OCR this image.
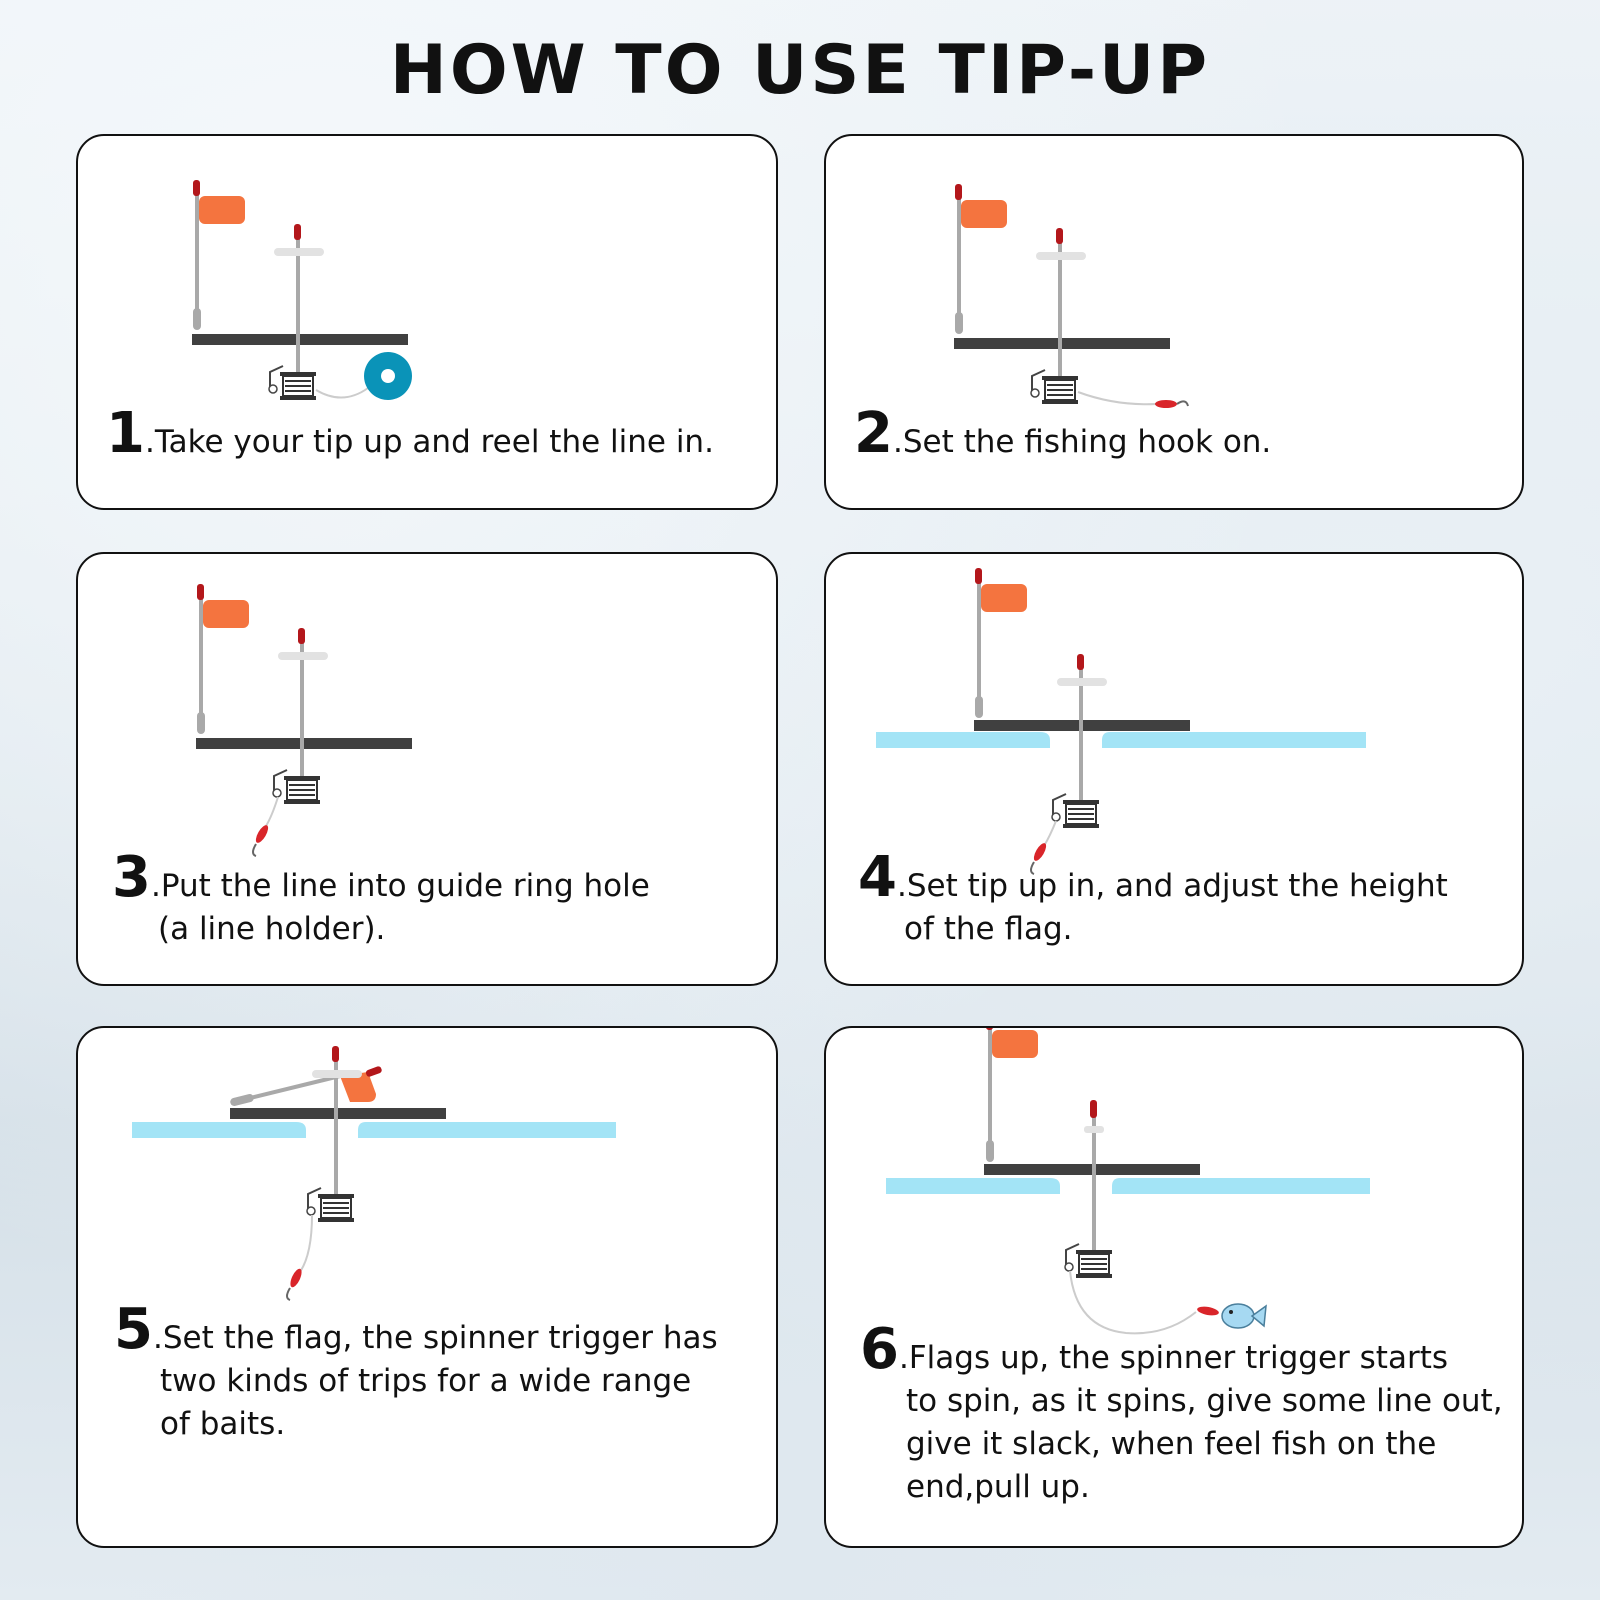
HOW TO USE TIP-UP
1.Take your tip up and reel the line in.	2.Set the fishing hook on.
3.Put the line into guide ring hole
(a line holder).
4.Set tip up in, and adjust the height
of the flag.
5.Set the flag, the spinner trigger has
two kinds of trips for a wide range
of baits.
6.Flags up, the spinner trigger starts
to spin, as it spins, give some line out,
give it slack, when feel fish on the
end,pull up.
